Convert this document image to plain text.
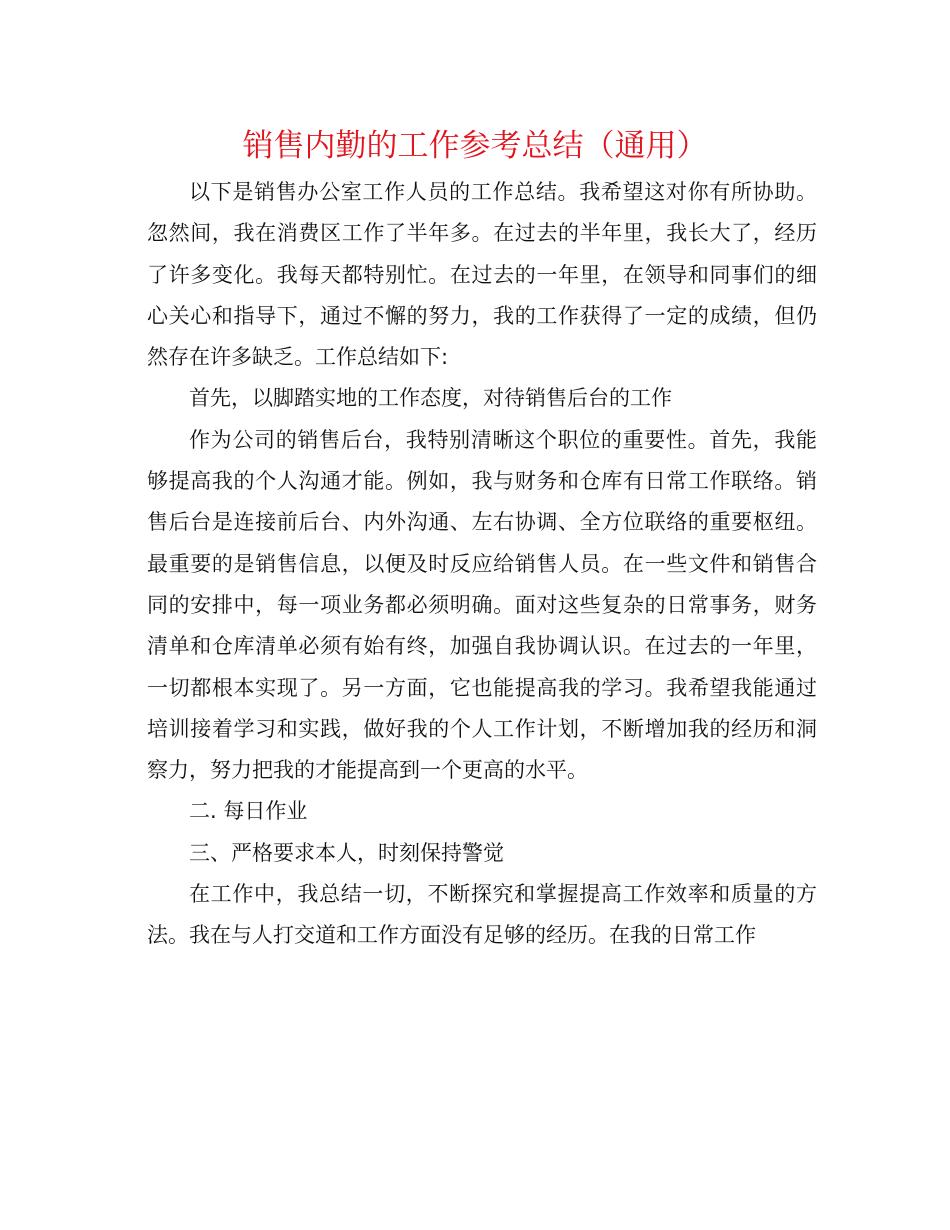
销售内勤的工作参考总结（通用）

以下是销售办公室工作人员的工作总结。我希望这对你有所协助。忽然间，我在消费区工作了半年多。在过去的半年里，我长大了，经历了许多变化。我每天都特别忙。在过去的一年里，在领导和同事们的细心关心和指导下，通过不懈的努力，我的工作获得了一定的成绩，但仍然存在许多缺乏。工作总结如下:

首先，以脚踏实地的工作态度，对待销售后台的工作

作为公司的销售后台，我特别清晰这个职位的重要性。首先，我能够提高我的个人沟通才能。例如，我与财务和仓库有日常工作联络。销售后台是连接前后台、内外沟通、左右协调、全方位联络的重要枢纽。最重要的是销售信息，以便及时反应给销售人员。在一些文件和销售合同的安排中，每一项业务都必须明确。面对这些复杂的日常事务，财务清单和仓库清单必须有始有终，加强自我协调认识。在过去的一年里，一切都根本实现了。另一方面，它也能提高我的学习。我希望我能通过培训接着学习和实践，做好我的个人工作计划，不断增加我的经历和洞察力，努力把我的才能提高到一个更高的水平。

二. 每日作业

三、严格要求本人，时刻保持警觉

在工作中，我总结一切，不断探究和掌握提高工作效率和质量的方法。我在与人打交道和工作方面没有足够的经历。在我的日常工作
